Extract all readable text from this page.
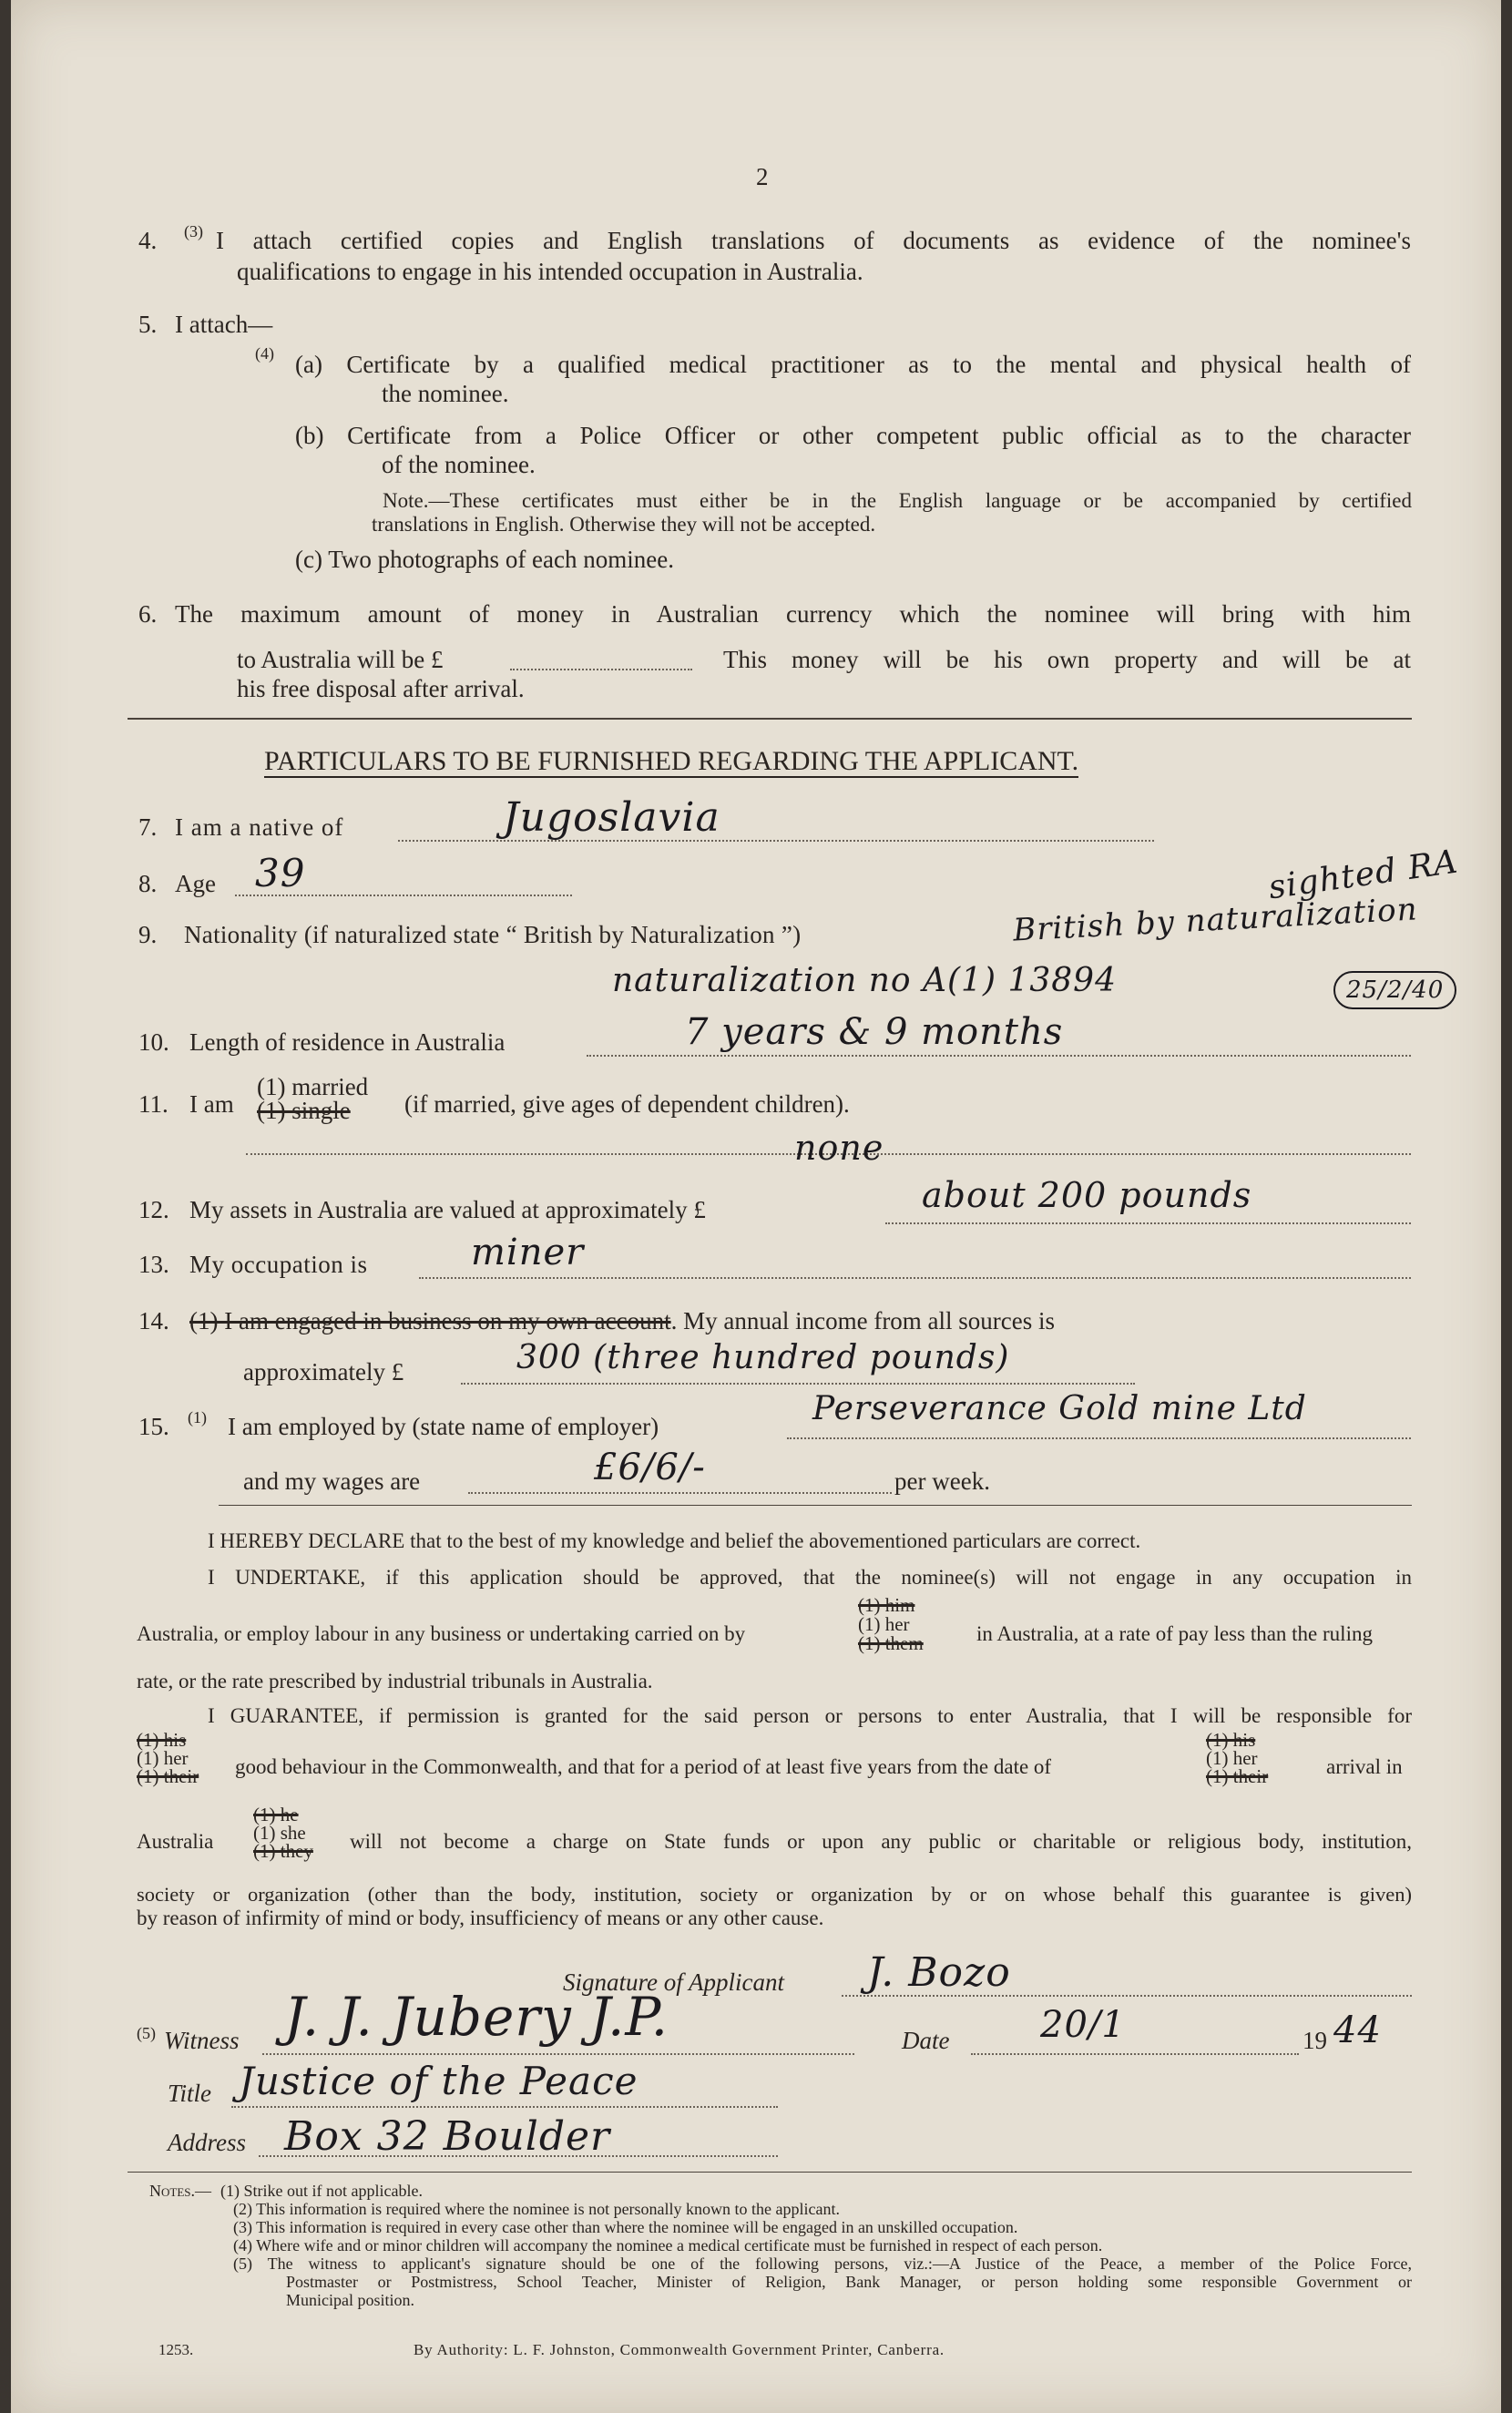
2
4. (3) I attach certified copies and English translations of documents as evidence of the nominee's
qualifications to engage in his intended occupation in Australia.
5. I attach—
(4) (a) Certificate by a qualified medical practitioner as to the mental and physical health of
the nominee.
(b) Certificate from a Police Officer or other competent public official as to the character
of the nominee.
Note.—These certificates must either be in the English language or be accompanied by certified
translations in English. Otherwise they will not be accepted.
(c) Two photographs of each nominee.
6. The maximum amount of money in Australian currency which the nominee will bring with him
to Australia will be £	This money will be his own property and will be at
his free disposal after arrival.
PARTICULARS TO BE FURNISHED REGARDING THE APPLICANT.
7. I am a native of	Jugoslavia
8. Age 39	sighted RA
9. Nationality (if naturalized state “ British by Naturalization ”)	British by naturalization
naturalization no A(1) 13894	25/2/40
10. Length of residence in Australia	7 years & 9 months
11. I am
(1) married
(1) single	(if married, give ages of dependent children).
none
12. My assets in Australia are valued at approximately £	about 200 pounds
13. My occupation is	miner
14. (1) I am engaged in business on my own account. My annual income from all sources is
approximately £	300 (three hundred pounds)
15. (1) I am employed by (state name of employer)	Perseverance Gold mine Ltd
and my wages are	£6/6/-	per week.
I HEREBY DECLARE that to the best of my knowledge and belief the abovementioned particulars are correct.
I UNDERTAKE, if this application should be approved, that the nominee(s) will not engage in any occupation in
Australia, or employ labour in any business or undertaking carried on by
(1) him
(1) her
(1) them	in Australia, at a rate of pay less than the ruling
rate, or the rate prescribed by industrial tribunals in Australia.
I GUARANTEE, if permission is granted for the said person or persons to enter Australia, that I will be responsible for
(1) his
(1) her
(1) their good behaviour in the Commonwealth, and that for a period of at least five years from the date of
(1) his
(1) her
(1) their	arrival in
Australia
(1) he
(1) she
(1) they will not become a charge on State funds or upon any public or charitable or religious body, institution,
society or organization (other than the body, institution, society or organization by or on whose behalf this guarantee is given)
by reason of infirmity of mind or body, insufficiency of means or any other cause.
Signature of Applicant J. Bozo
(5) Witness J. J. Jubery J.P.	Date 20/1	19 44
Title Justice of the Peace
Address Box 32 Boulder
Notes.— (1) Strike out if not applicable.
(2) This information is required where the nominee is not personally known to the applicant.
(3) This information is required in every case other than where the nominee will be engaged in an unskilled occupation.
(4) Where wife and or minor children will accompany the nominee a medical certificate must be furnished in respect of each person.
(5) The witness to applicant's signature should be one of the following persons, viz.:—A Justice of the Peace, a member of the Police Force,
Postmaster or Postmistress, School Teacher, Minister of Religion, Bank Manager, or person holding some responsible Government or
Municipal position.
1253.	By Authority: L. F. Johnston, Commonwealth Government Printer, Canberra.
